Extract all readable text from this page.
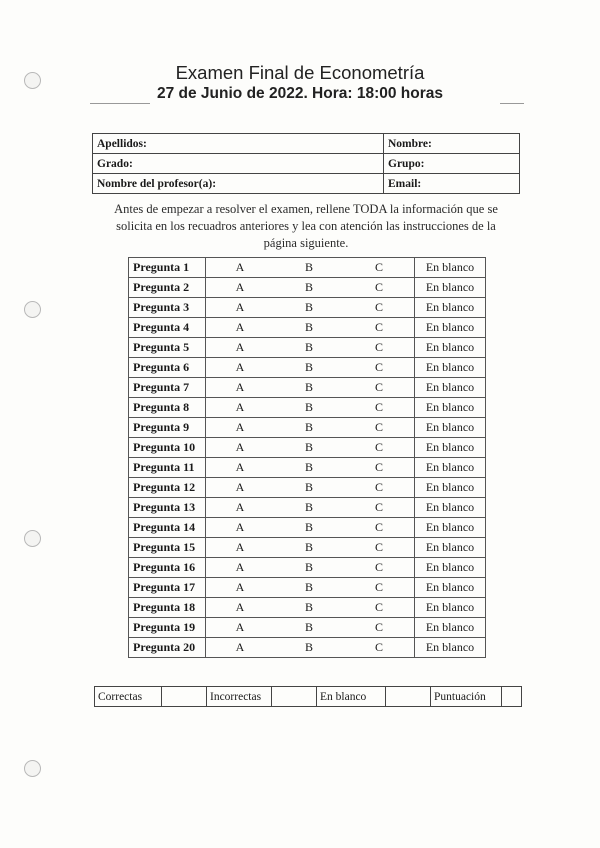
Examen Final de Econometría
27 de Junio de 2022. Hora: 18:00 horas
Apellidos:	Nombre:
Grado:	Grupo:
Nombre del profesor(a):	Email:
Antes de empezar a resolver el examen, rellene TODA la información que se solicita en los recuadros anteriores y lea con atención las instrucciones de la página siguiente.
Pregunta 1	A	B	C	En blanco
Pregunta 2	A	B	C	En blanco
Pregunta 3	A	B	C	En blanco
Pregunta 4	A	B	C	En blanco
Pregunta 5	A	B	C	En blanco
Pregunta 6	A	B	C	En blanco
Pregunta 7	A	B	C	En blanco
Pregunta 8	A	B	C	En blanco
Pregunta 9	A	B	C	En blanco
Pregunta 10	A	B	C	En blanco
Pregunta 11	A	B	C	En blanco
Pregunta 12	A	B	C	En blanco
Pregunta 13	A	B	C	En blanco
Pregunta 14	A	B	C	En blanco
Pregunta 15	A	B	C	En blanco
Pregunta 16	A	B	C	En blanco
Pregunta 17	A	B	C	En blanco
Pregunta 18	A	B	C	En blanco
Pregunta 19	A	B	C	En blanco
Pregunta 20	A	B	C	En blanco
Correctas		Incorrectas		En blanco		Puntuación	
